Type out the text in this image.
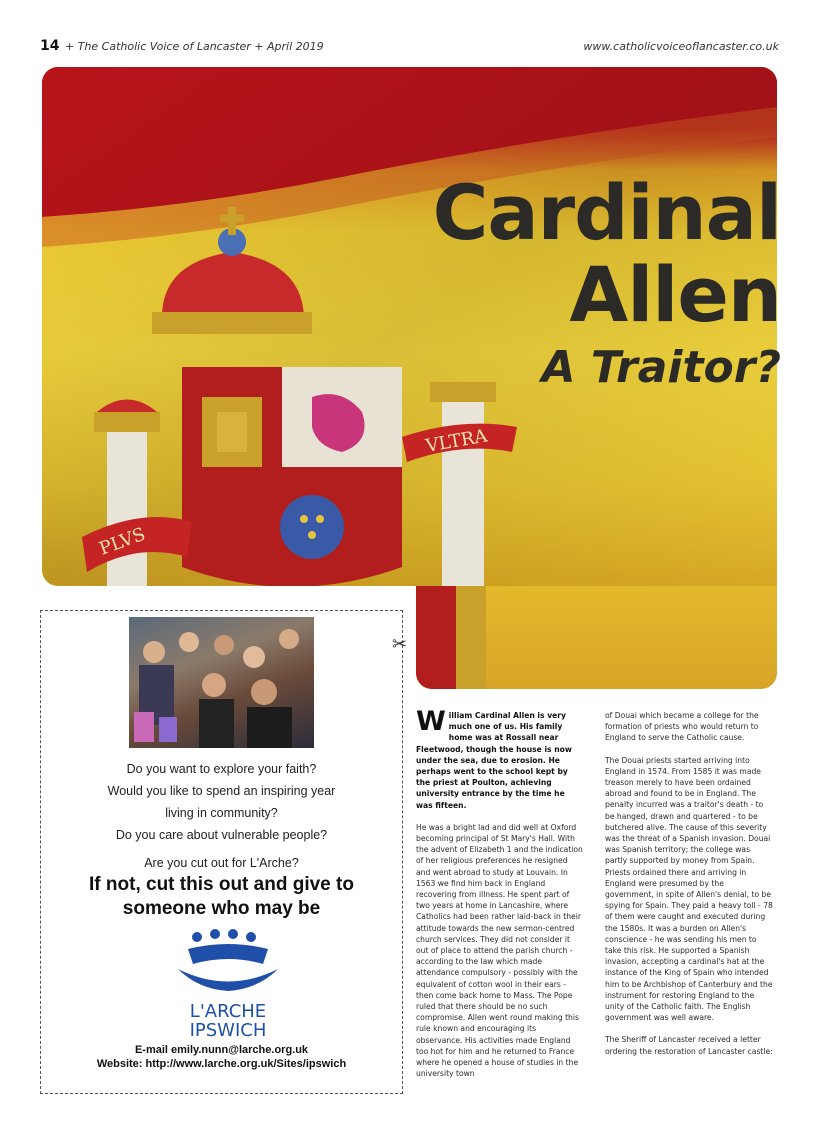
14 + The Catholic Voice of Lancaster + April 2019	www.catholicvoiceoflancaster.co.uk
PLVS
VLTRA
Cardinal
Allen
A Traitor?
Do you want to explore your faith?
Would you like to spend an inspiring year
living in community?
Do you care about vulnerable people?
Are you cut out for L'Arche?
If not, cut this out and give to
someone who may be
L'ARCHE
IPSWICH
E-mail emily.nunn@larche.org.uk
Website: http://www.larche.org.uk/Sites/ipswich
✂

William Cardinal Allen is very much one of us. His family home was at Rossall near Fleetwood, though the house is now under the sea, due to erosion. He perhaps went to the school kept by the priest at Poulton, achieving university entrance by the time he was fifteen.

He was a bright lad and did well at Oxford becoming principal of St Mary's Hall. With the advent of Elizabeth 1 and the indication of her religious preferences he resigned and went abroad to study at Louvain. In 1563 we find him back in England recovering from illness. He spent part of two years at home in Lancashire, where Catholics had been rather laid-back in their attitude towards the new sermon-centred church services. They did not consider it out of place to attend the parish church - according to the law which made attendance compulsory - possibly with the equivalent of cotton wool in their ears - then come back home to Mass. The Pope ruled that there should be no such compromise. Allen went round making this rule known and encouraging its observance. His activities made England too hot for him and he returned to France where he opened a house of studies in the university town

of Douai which became a college for the formation of priests who would return to England to serve the Catholic cause.

The Douai priests started arriving into England in 1574. From 1585 it was made treason merely to have been ordained abroad and found to be in England. The penalty incurred was a traitor's death - to be hanged, drawn and quartered - to be butchered alive. The cause of this severity was the threat of a Spanish invasion. Douai was Spanish territory; the college was partly supported by money from Spain. Priests ordained there and arriving in England were presumed by the government, in spite of Allen's denial, to be spying for Spain. They paid a heavy toll - 78 of them were caught and executed during the 1580s. It was a burden on Allen's conscience - he was sending his men to take this risk. He supported a Spanish invasion, accepting a cardinal's hat at the instance of the King of Spain who intended him to be Archbishop of Canterbury and the instrument for restoring England to the unity of the Catholic faith. The English government was well aware.

The Sheriff of Lancaster received a letter ordering the restoration of Lancaster castle:
